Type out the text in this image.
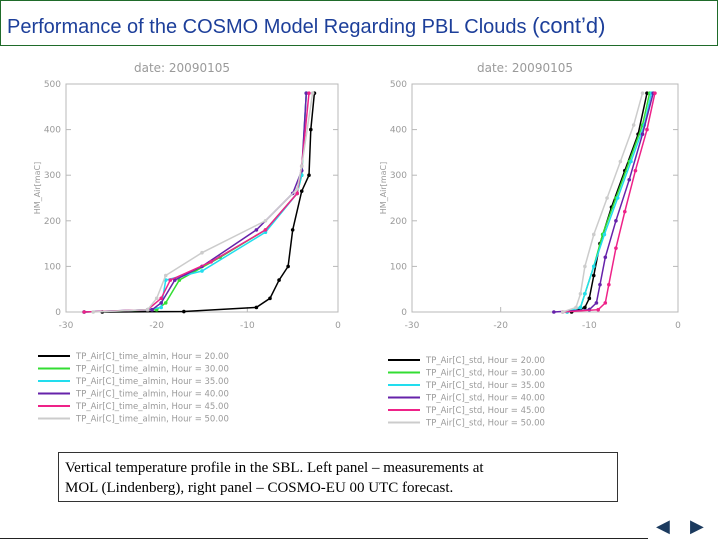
Performance of the COSMO Model Regarding PBL Clouds (cont’d)
date: 20090105
0
100
200
300
400
500
-30	-20	-10	0
HM_Air[maC]
TP_Air[C]_time_almin, Hour = 20.00
TP_Air[C]_time_almin, Hour = 30.00
TP_Air[C]_time_almin, Hour = 35.00
TP_Air[C]_time_almin, Hour = 40.00
TP_Air[C]_time_almin, Hour = 45.00
TP_Air[C]_time_almin, Hour = 50.00
date: 20090105
0
100
200
300
400
500
-30	-20	-10	0
HM_Air[maC]
TP_Air[C]_std, Hour = 20.00
TP_Air[C]_std, Hour = 30.00
TP_Air[C]_std, Hour = 35.00
TP_Air[C]_std, Hour = 40.00
TP_Air[C]_std, Hour = 45.00
TP_Air[C]_std, Hour = 50.00
Vertical temperature profile in the SBL. Left panel – measurements at
MOL (Lindenberg), right panel – COSMO-EU 00 UTC forecast.
◀ ▶
